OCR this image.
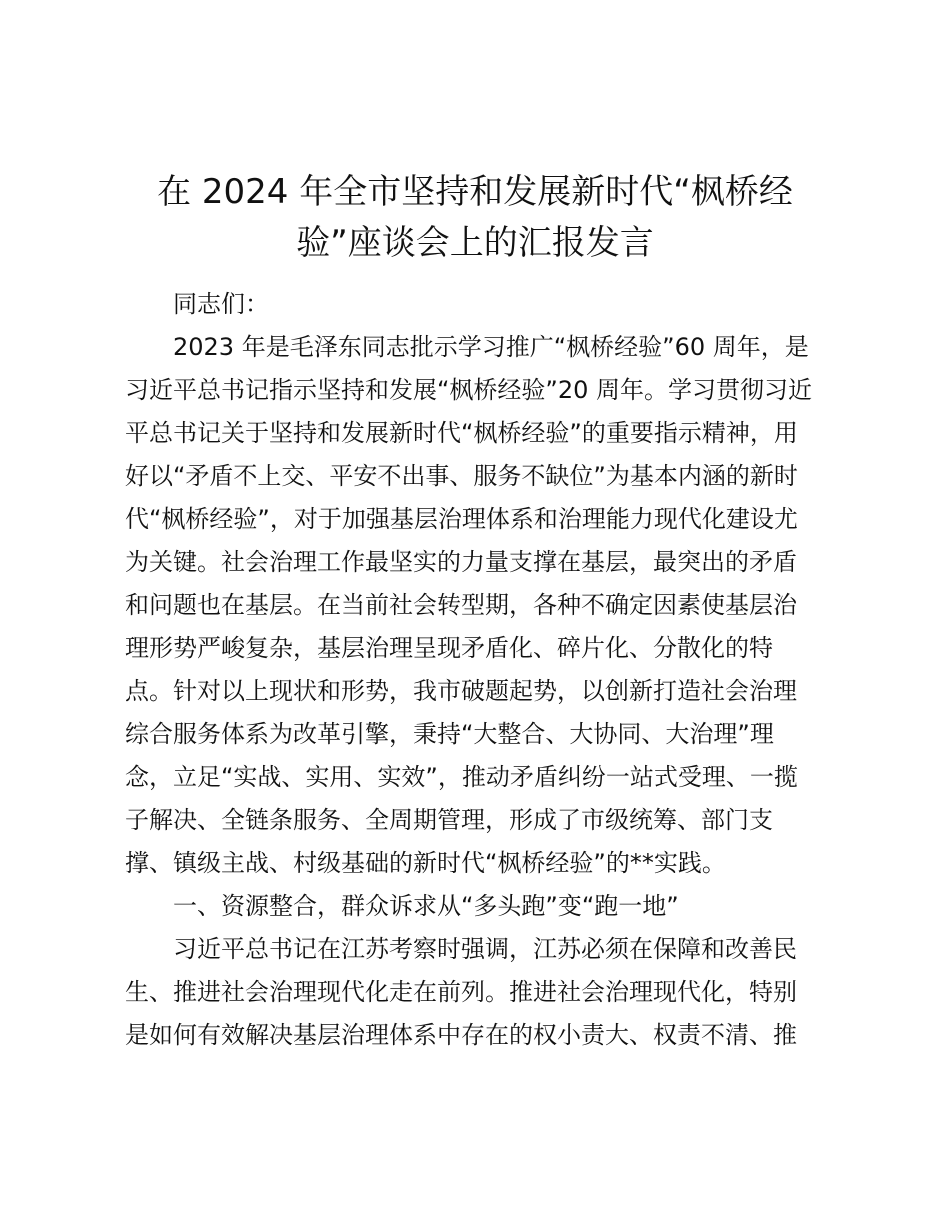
在 2024 年全市坚持和发展新时代“枫桥经
验”座谈会上的汇报发言
同志们：
2023 年是毛泽东同志批示学习推广“枫桥经验”60 周年，是
习近平总书记指示坚持和发展“枫桥经验”20 周年。学习贯彻习近
平总书记关于坚持和发展新时代“枫桥经验”的重要指示精神，用
好以“矛盾不上交、平安不出事、服务不缺位”为基本内涵的新时
代“枫桥经验”，对于加强基层治理体系和治理能力现代化建设尤
为关键。社会治理工作最坚实的力量支撑在基层，最突出的矛盾
和问题也在基层。在当前社会转型期，各种不确定因素使基层治
理形势严峻复杂，基层治理呈现矛盾化、碎片化、分散化的特
点。针对以上现状和形势，我市破题起势，以创新打造社会治理
综合服务体系为改革引擎，秉持“大整合、大协同、大治理”理
念，立足“实战、实用、实效”，推动矛盾纠纷一站式受理、一揽
子解决、全链条服务、全周期管理，形成了市级统筹、部门支
撑、镇级主战、村级基础的新时代“枫桥经验”的**实践。
一、资源整合，群众诉求从“多头跑”变“跑一地”
习近平总书记在江苏考察时强调，江苏必须在保障和改善民
生、推进社会治理现代化走在前列。推进社会治理现代化，特别
是如何有效解决基层治理体系中存在的权小责大、权责不清、推
